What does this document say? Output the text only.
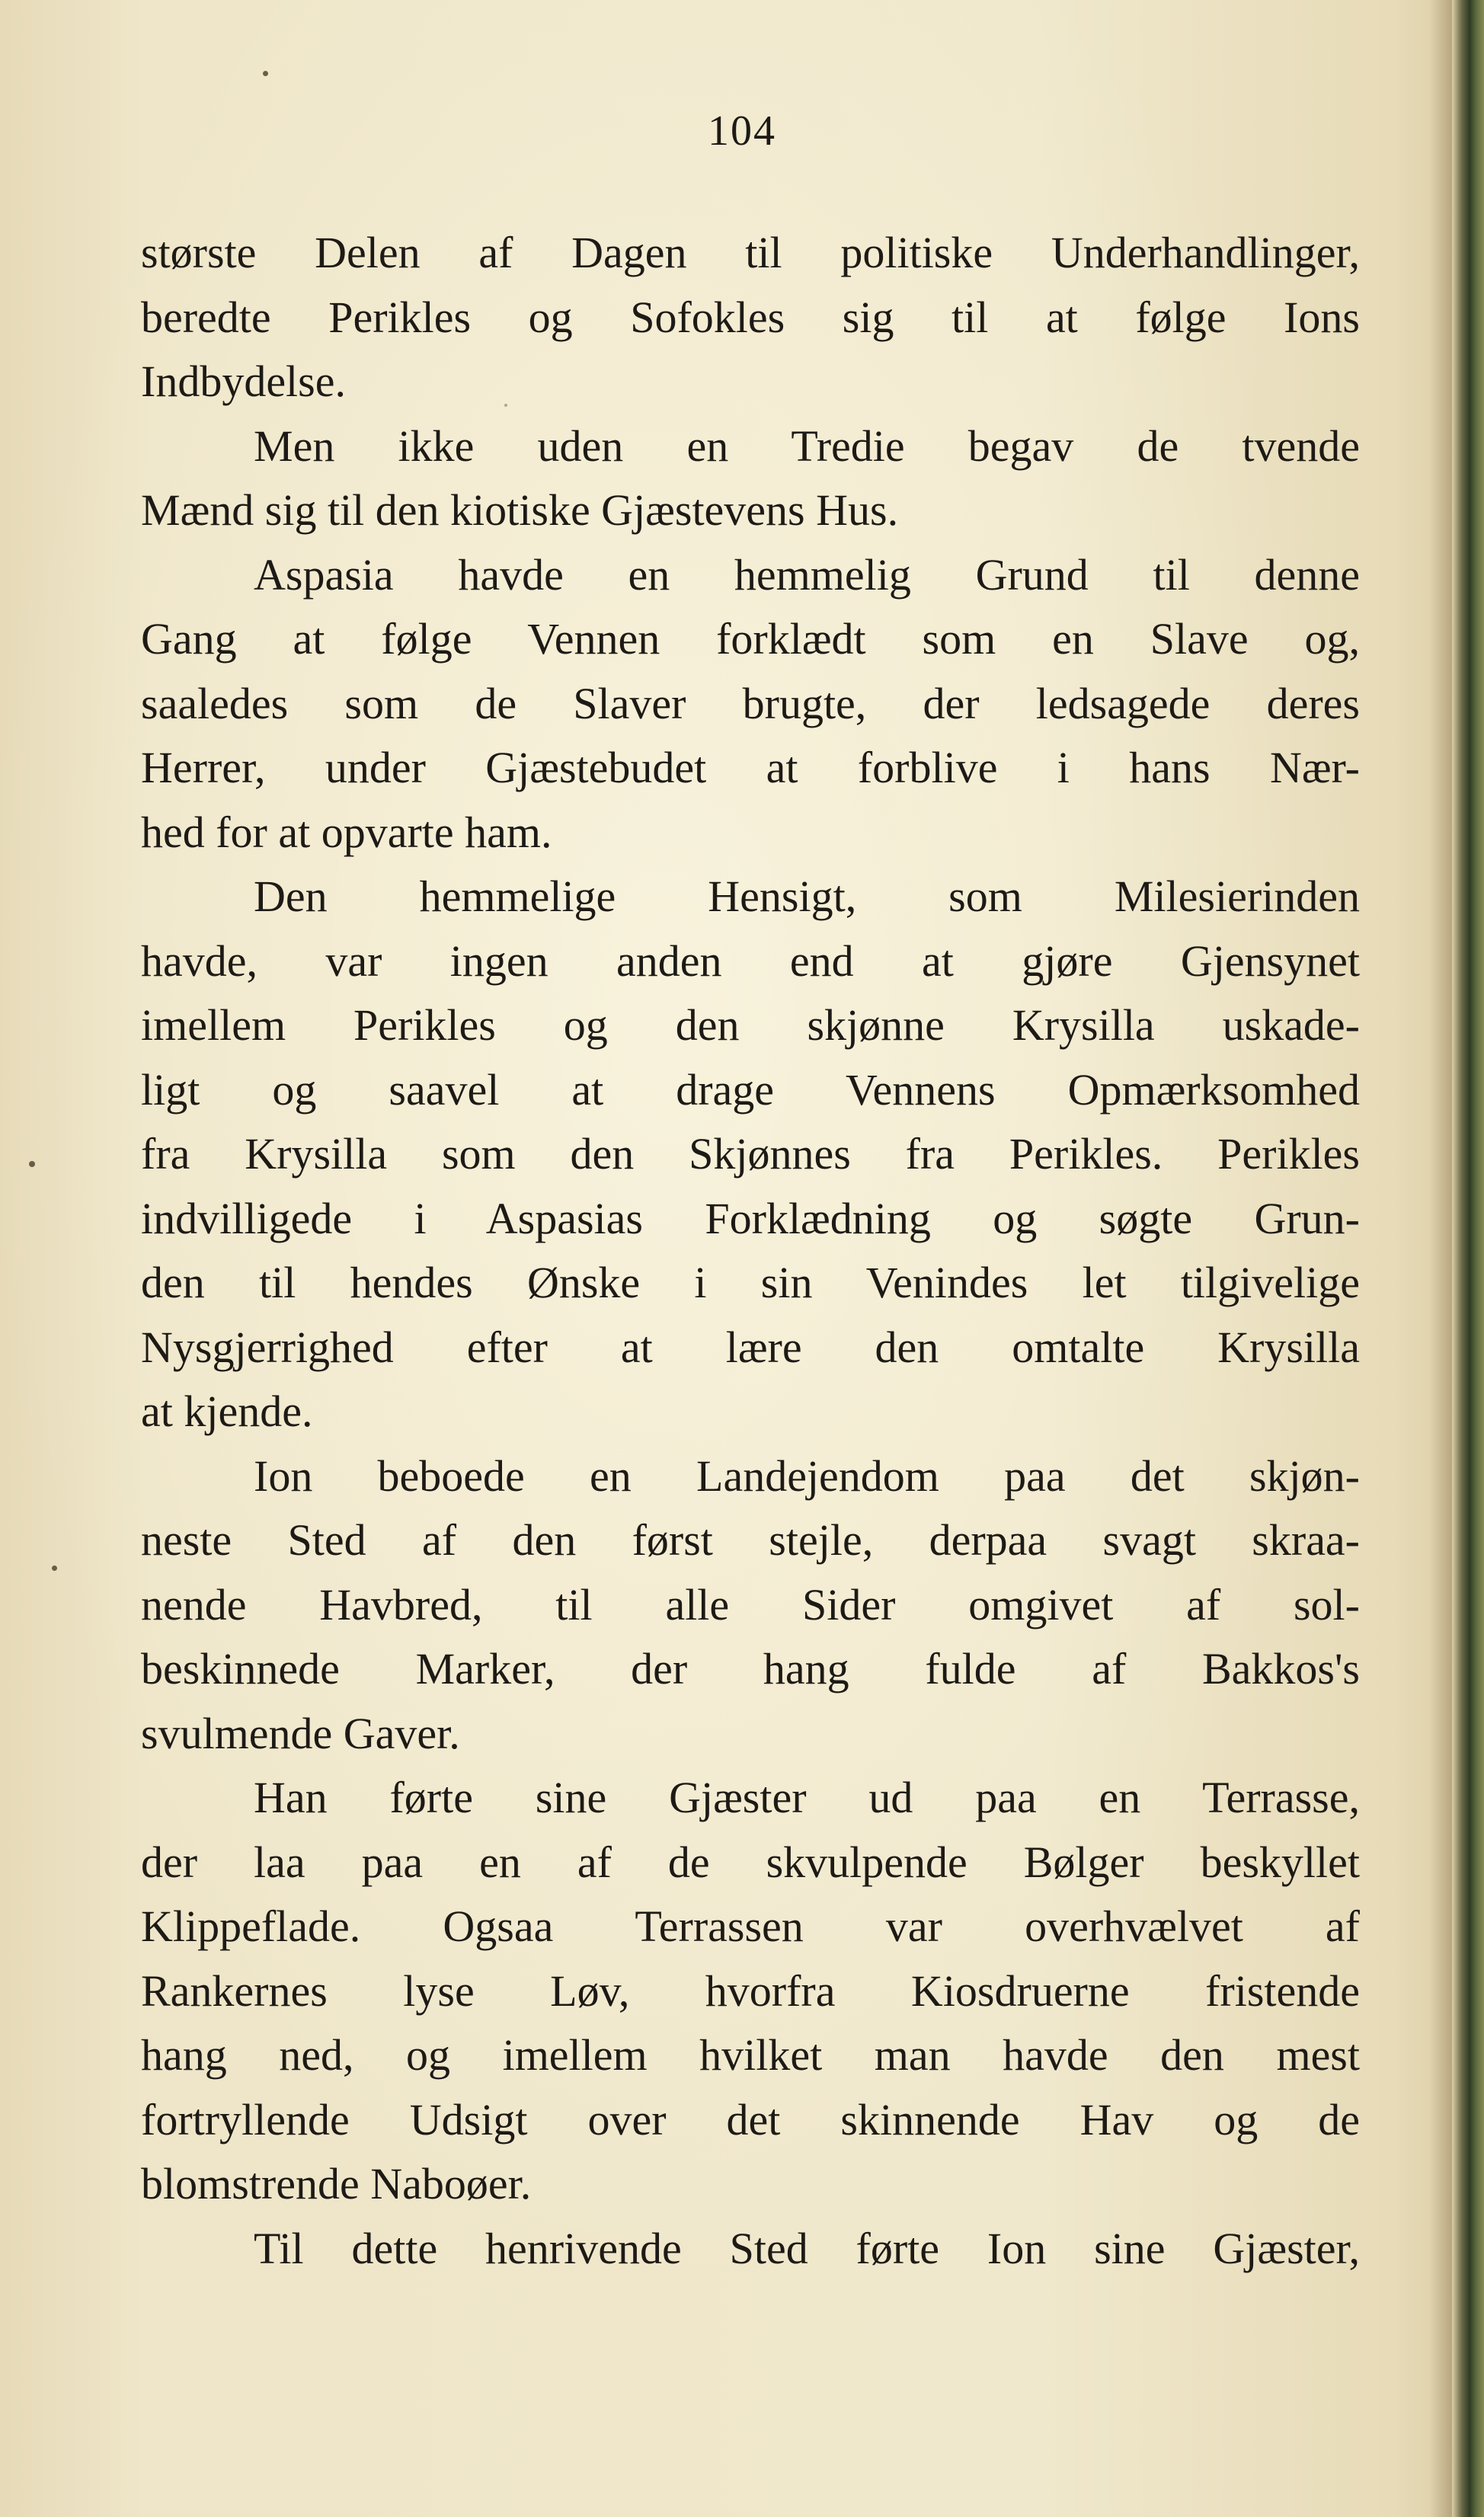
104
største Delen af Dagen til politiske Underhandlinger,
beredte Perikles og Sofokles sig til at følge Ions
Indbydelse.
Men ikke uden en Tredie begav de tvende
Mænd sig til den kiotiske Gjæstevens Hus.
Aspasia havde en hemmelig Grund til denne
Gang at følge Vennen forklædt som en Slave og,
saaledes som de Slaver brugte, der ledsagede deres
Herrer, under Gjæstebudet at forblive i hans Nær-
hed for at opvarte ham.
Den hemmelige Hensigt, som Milesierinden
havde, var ingen anden end at gjøre Gjensynet
imellem Perikles og den skjønne Krysilla uskade-
ligt og saavel at drage Vennens Opmærksomhed
fra Krysilla som den Skjønnes fra Perikles. Perikles
indvilligede i Aspasias Forklædning og søgte Grun-
den til hendes Ønske i sin Venindes let tilgivelige
Nysgjerrighed efter at lære den omtalte Krysilla
at kjende.
Ion beboede en Landejendom paa det skjøn-
neste Sted af den først stejle, derpaa svagt skraa-
nende Havbred, til alle Sider omgivet af sol-
beskinnede Marker, der hang fulde af Bakkos's
svulmende Gaver.
Han førte sine Gjæster ud paa en Terrasse,
der laa paa en af de skvulpende Bølger beskyllet
Klippeflade. Ogsaa Terrassen var overhvælvet af
Rankernes lyse Løv, hvorfra Kiosdruerne fristende
hang ned, og imellem hvilket man havde den mest
fortryllende Udsigt over det skinnende Hav og de
blomstrende Naboøer.
Til dette henrivende Sted førte Ion sine Gjæster,
